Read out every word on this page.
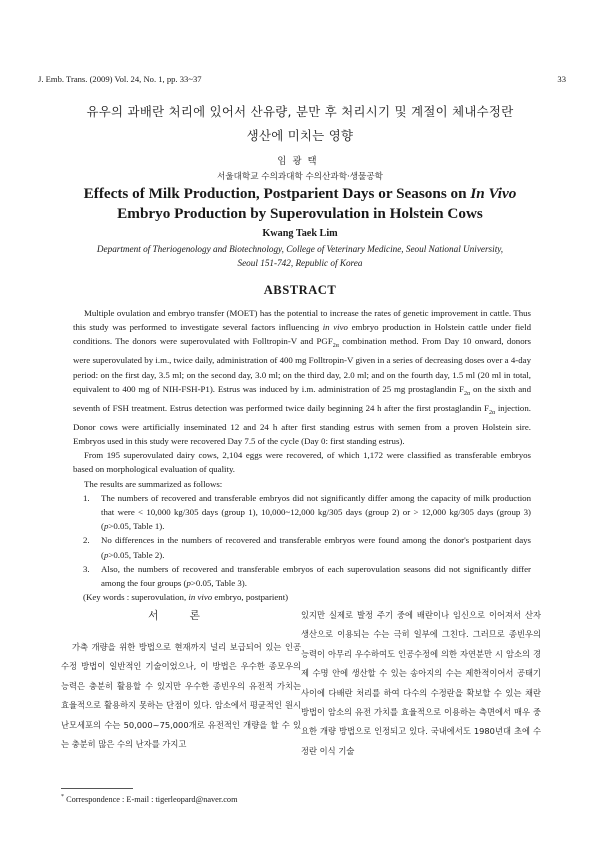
J. Emb. Trans. (2009) Vol. 24, No. 1, pp. 33~37	33
유우의 과배란 처리에 있어서 산유량, 분만 후 처리시기 및 계절이 체내수정란
생산에 미치는 영향
임광택
서울대학교 수의과대학 수의산과학·생물공학
Effects of Milk Production, Postparient Days or Seasons on In Vivo
Embryo Production by Superovulation in Holstein Cows
Kwang Taek Lim
Department of Theriogenology and Biotechnology, College of Veterinary Medicine, Seoul National University,
Seoul 151-742, Republic of Korea
ABSTRACT

Multiple ovulation and embryo transfer (MOET) has the potential to increase the rates of genetic improvement in cattle. Thus this study was performed to investigate several factors influencing in vivo embryo production in Holstein cattle under field conditions. The donors were superovulated with Folltropin-V and $PGF_{2\alpha}$ combination method. From Day 10 onward, donors were superovulated by i.m., twice daily, administration of 400 mg Folltropin-V given in a series of decreasing doses over a 4-day period: on the first day, 3.5 ml; on the second day, 3.0 ml; on the third day, 2.0 ml; and on the fourth day, 1.5 ml (20 ml in total, equivalent to 400 mg of NIH-FSH-P1). Estrus was induced by i.m. administration of 25 mg prostaglandin $F_{2\alpha}$ on the sixth and seventh of FSH treatment. Estrus detection was performed twice daily beginning 24 h after the first prostaglandin $F_{2\alpha}$ injection. Donor cows were artificially inseminated 12 and 24 h after first standing estrus with semen from a proven Holstein sire. Embryos used in this study were recovered Day 7.5 of the cycle (Day 0: first standing estrus).

From 195 superovulated dairy cows, 2,104 eggs were recovered, of which 1,172 were classified as transferable embryos based on morphological evaluation of quality.

The results are summarized as follows:

1. The numbers of recovered and transferable embryos did not significantly differ among the capacity of milk production that were < 10,000 kg/305 days (group 1), 10,000~12,000 kg/305 days (group 2) or > 12,000 kg/305 days (group 3) (p>0.05, Table 1).
2. No differences in the numbers of recovered and transferable embryos were found among the donor's postparient days (p>0.05, Table 2).
3. Also, the numbers of recovered and transferable embryos of each superovulation seasons did not significantly differ among the four groups (p>0.05, Table 3).

(Key words : superovulation, in vivo embryo, postparient)

서 론

가축 개량을 위한 방법으로 현재까지 널리 보급되어 있는 인공수정 방법이 일반적인 기술이었으나, 이 방법은 우수한 종모우의 능력은 충분히 활용할 수 있지만 우수한 종빈우의 유전적 가치는 효율적으로 활용하지 못하는 단점이 있다. 암소에서 평균적인 원시 난모세포의 수는 50,000~75,000개로 유전적인 개량을 할 수 있는 충분히 많은 수의 난자를 가지고

있지만 실제로 발정 주기 중에 배란이나 임신으로 이어져서 산자 생산으로 이용되는 수는 극히 일부에 그친다. 그러므로 종빈우의 능력이 아무리 우수하여도 인공수정에 의한 자연분만 시 암소의 경제 수명 안에 생산할 수 있는 송아지의 수는 제한적이어서 공태기 사이에 다배란 처리를 하여 다수의 수정란을 확보할 수 있는 채란 방법이 암소의 유전 가치를 효율적으로 이용하는 측면에서 매우 중요한 개량 방법으로 인정되고 있다. 국내에서도 1980년대 초에 수정란 이식 기술

* Correspondence : E-mail : tigerleopard@naver.com
